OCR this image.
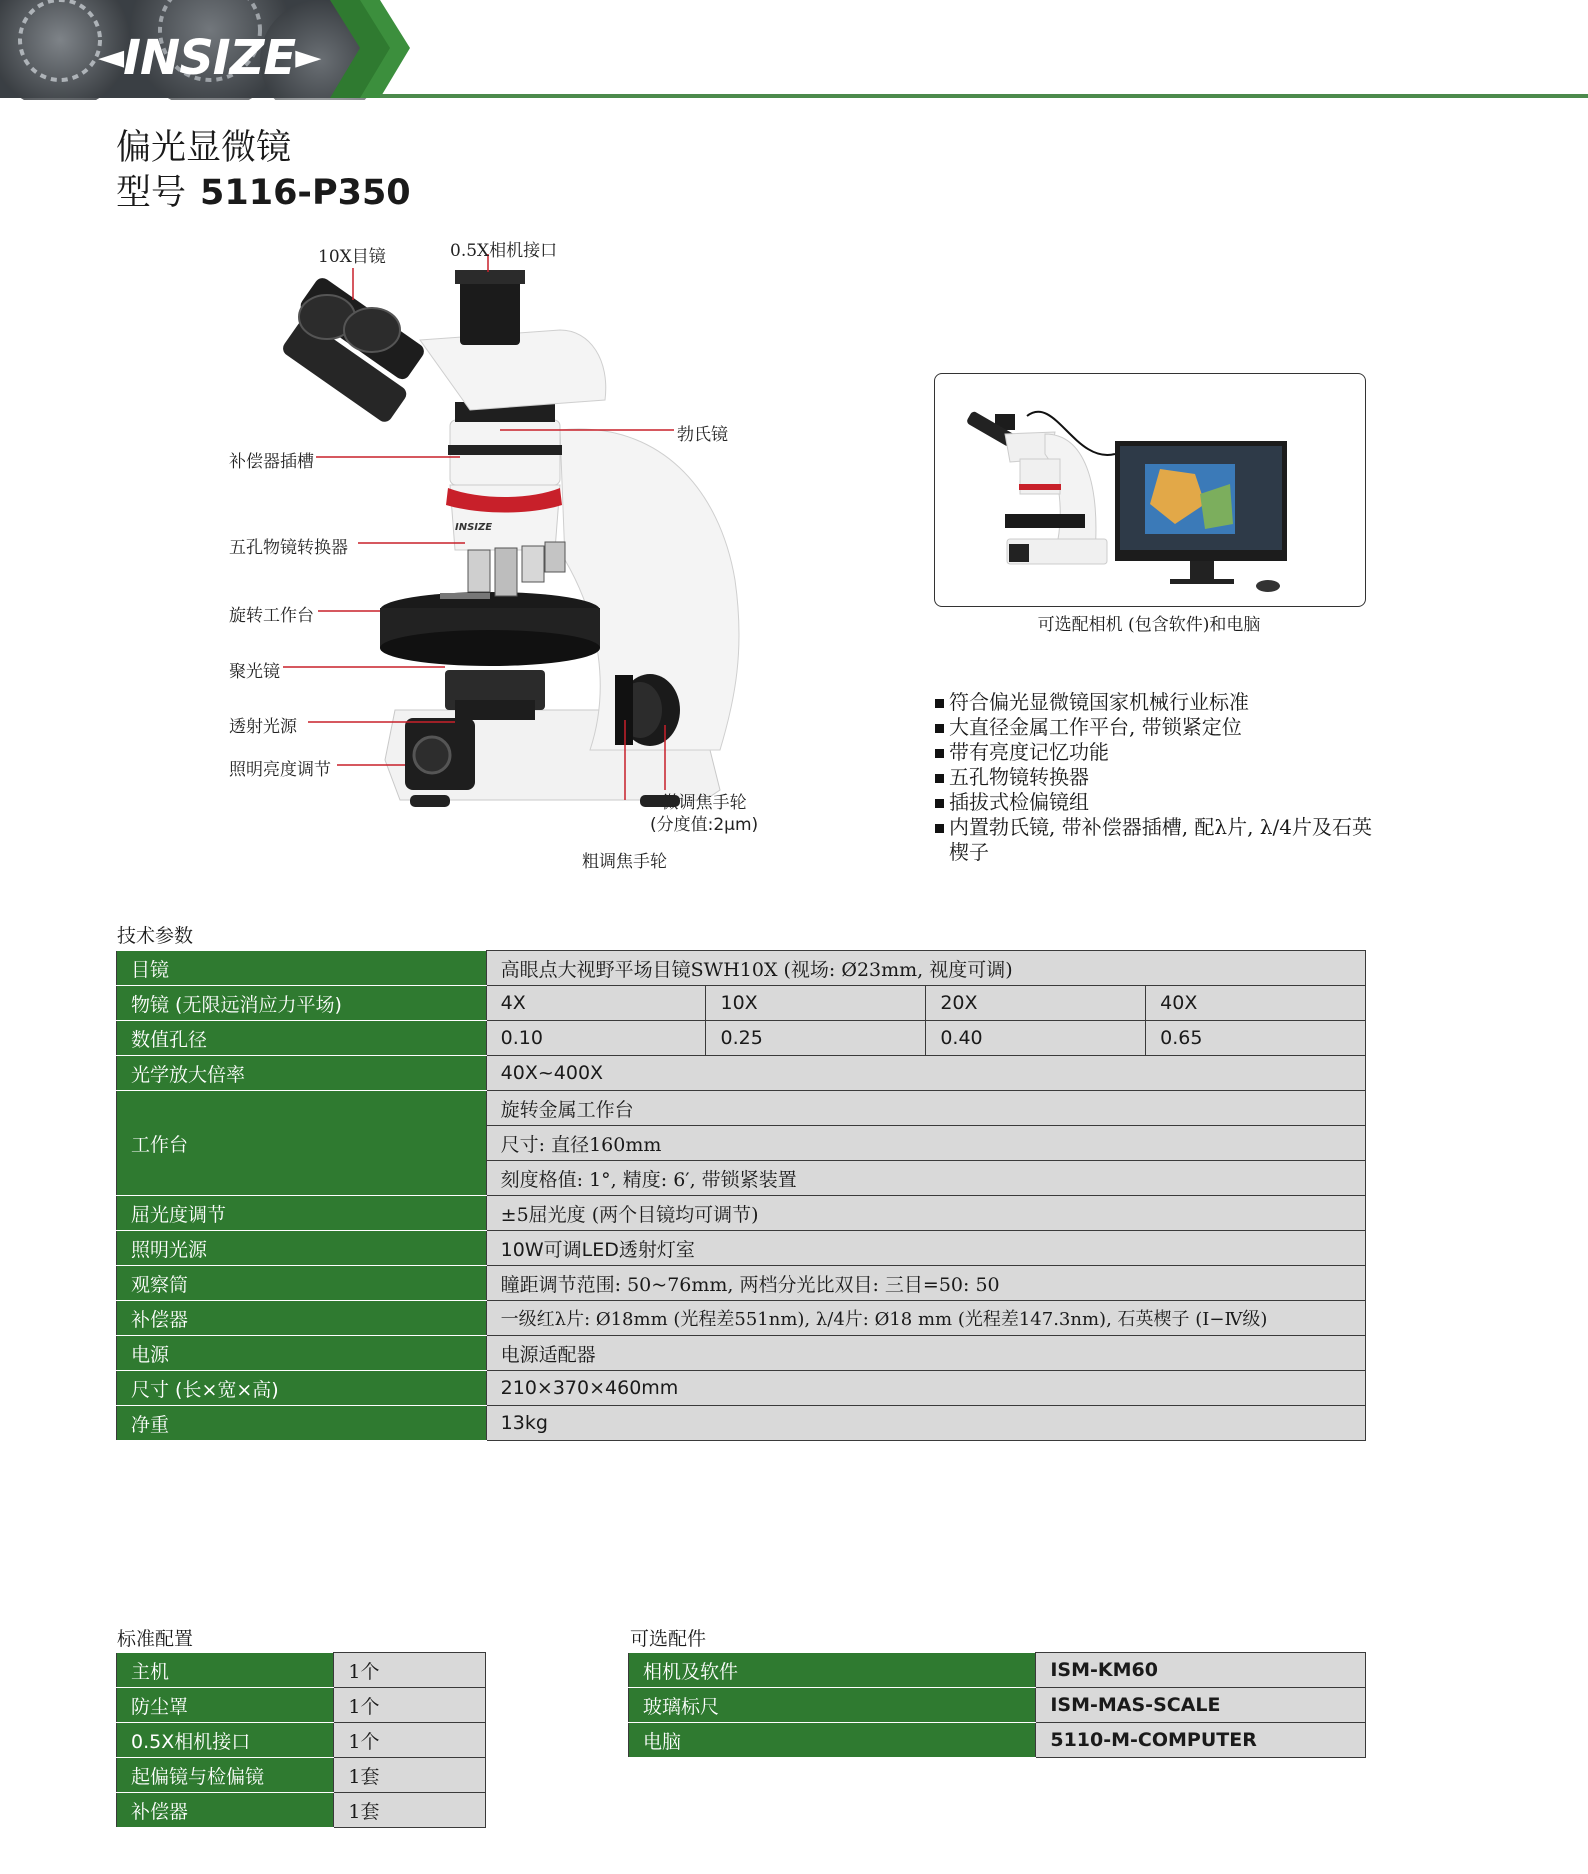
◄INSIZE►
偏光显微镜
型号 5116-P350
10X目镜	0.5X相机接口
勃氏镜
补偿器插槽
五孔物镜转换器
旋转工作台
聚光镜
透射光源
照明亮度调节
微调焦手轮
(分度值:2μm)
粗调焦手轮
INSIZE
可选配相机 (包含软件)和电脑
符合偏光显微镜国家机械行业标准
大直径金属工作平台, 带锁紧定位
带有亮度记忆功能
五孔物镜转换器
插拔式检偏镜组
内置勃氏镜, 带补偿器插槽, 配λ片, λ/4片及石英楔子
技术参数
目镜	高眼点大视野平场目镜SWH10X (视场: Ø23mm, 视度可调)			
物镜 (无限远消应力平场)	4X	10X	20X	40X
数值孔径	0.10	0.25	0.40	0.65
光学放大倍率	40X~400X			
工作台	旋转金属工作台			
	尺寸: 直径160mm			
	刻度格值: 1°, 精度: 6′, 带锁紧装置			
屈光度调节	±5屈光度 (两个目镜均可调节)			
照明光源	10W可调LED透射灯室			
观察筒	瞳距调节范围: 50~76mm, 两档分光比双目: 三目=50: 50			
补偿器	一级红λ片: Ø18mm (光程差551nm), λ/4片: Ø18 mm (光程差147.3nm), 石英楔子 (Ⅰ−Ⅳ级)			
电源	电源适配器			
尺寸 (长×宽×高)	210×370×460mm			
净重	13kg			
标准配置
主机	1个
防尘罩	1个
0.5X相机接口	1个
起偏镜与检偏镜	1套
补偿器	1套
可选配件
相机及软件	ISM-KM60
玻璃标尺	ISM-MAS-SCALE
电脑	5110-M-COMPUTER
